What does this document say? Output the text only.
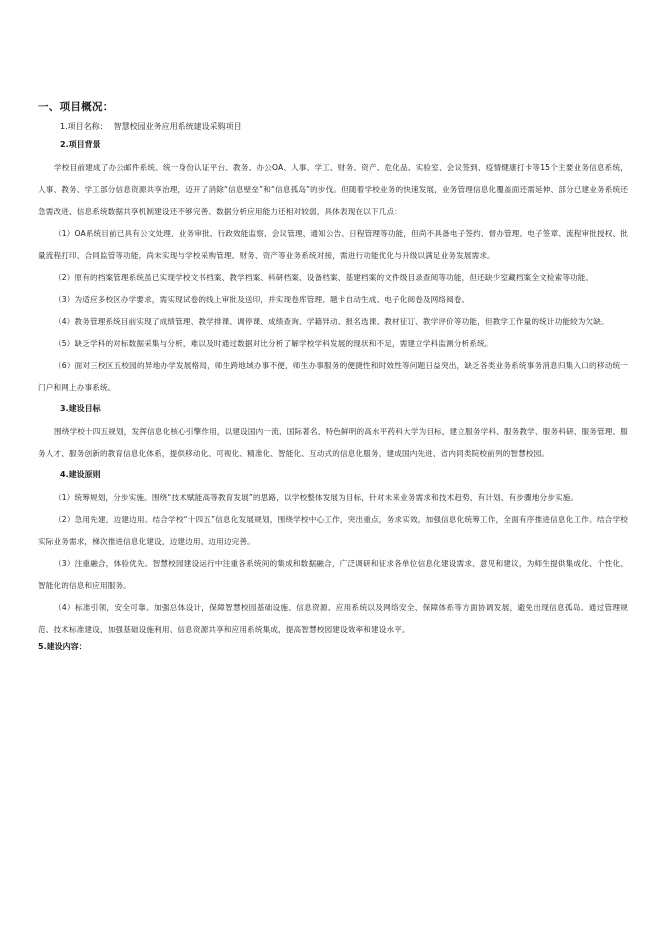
一、项目概况：
1.项目名称： 智慧校园业务应用系统建设采购项目
2.项目背景

学校目前建成了办公邮件系统、统一身份认证平台、教务、办公OA、人事、学工、财务、资产、危化品、实验室、会议签到、疫情健康打卡等15个主要业务信息系统，人事、教务、学工部分信息资源共享治理，迈开了消除“信息壁垒”和“信息孤岛”的步伐。但随着学校业务的快速发展，业务管理信息化覆盖面还需延伸、部分已建业务系统还急需改进、信息系统数据共享机制建设还不够完善、数据分析应用能力还相对较弱，具体表现在以下几点：

（1）OA系统目前已具有公文处理、业务审批、行政效能监察、会议管理、通知公告、日程管理等功能，但尚不具备电子签约、督办管理、电子签章、流程审批授权、批量流程打印、合同监管等功能，尚未实现与学校采购管理、财务、资产等业务系统对接，需进行功能优化与升级以满足业务发展需求。

（2）原有的档案管理系统虽已实现学校文书档案、教学档案、科研档案、设备档案、基建档案的文件级目录查阅等功能，但还缺少室藏档案全文检索等功能。

（3）为适应多校区办学要求，需实现试卷的线上审批及送印，并实现卷库管理、题卡自动生成、电子化阅卷及网络阅卷。

（4）教务管理系统目前实现了成绩管理、教学排课、调停课、成绩查询、学籍异动、报名选课、教材征订、教学评价等功能，但教学工作量的统计功能较为欠缺。

（5）缺乏学科的对标数据采集与分析，难以及时通过数据对比分析了解学校学科发展的现状和不足，需建立学科监测分析系统。

（6）面对三校区五校园的异地办学发展格局，师生跨地域办事不便，师生办事服务的便捷性和时效性等问题日益突出，缺乏各类业务系统事务消息归集入口的移动统一门户和网上办事系统。

3.建设目标

围绕学校十四五规划，发挥信息化核心引擎作用，以建设国内一流、国际著名、特色鲜明的高水平药科大学为目标，建立服务学科、服务教学、服务科研、服务管理、服务人才、服务创新的教育信息化体系，提供移动化、可视化、精准化、智能化、互动式的信息化服务，建成国内先进、省内同类院校前列的智慧校园。

4.建设原则

（1）统筹规划，分步实施。围绕“技术赋能高等教育发展”的思路，以学校整体发展为目标，针对未来业务需求和技术趋势，有计划、有步骤地分步实施。

（2）急用先建，边建边用。结合学校“十四五”信息化发展规划，围绕学校中心工作，突出重点，务求实效，加强信息化统筹工作，全面有序推进信息化工作。结合学校实际业务需求，梯次推进信息化建设，边建边用、边用边完善。

（3）注重融合，体验优先。智慧校园建设运行中注重各系统间的集成和数据融合，广泛调研和征求各单位信息化建设需求、意见和建议，为师生提供集成化、个性化、智能化的信息和应用服务。

（4）标准引领，安全可靠。加强总体设计，保障智慧校园基础设施、信息资源、应用系统以及网络安全、保障体系等方面协调发展，避免出现信息孤岛。通过管理规范、技术标准建设，加强基础设施利用、信息资源共享和应用系统集成，提高智慧校园建设效率和建设水平。

5.建设内容：
